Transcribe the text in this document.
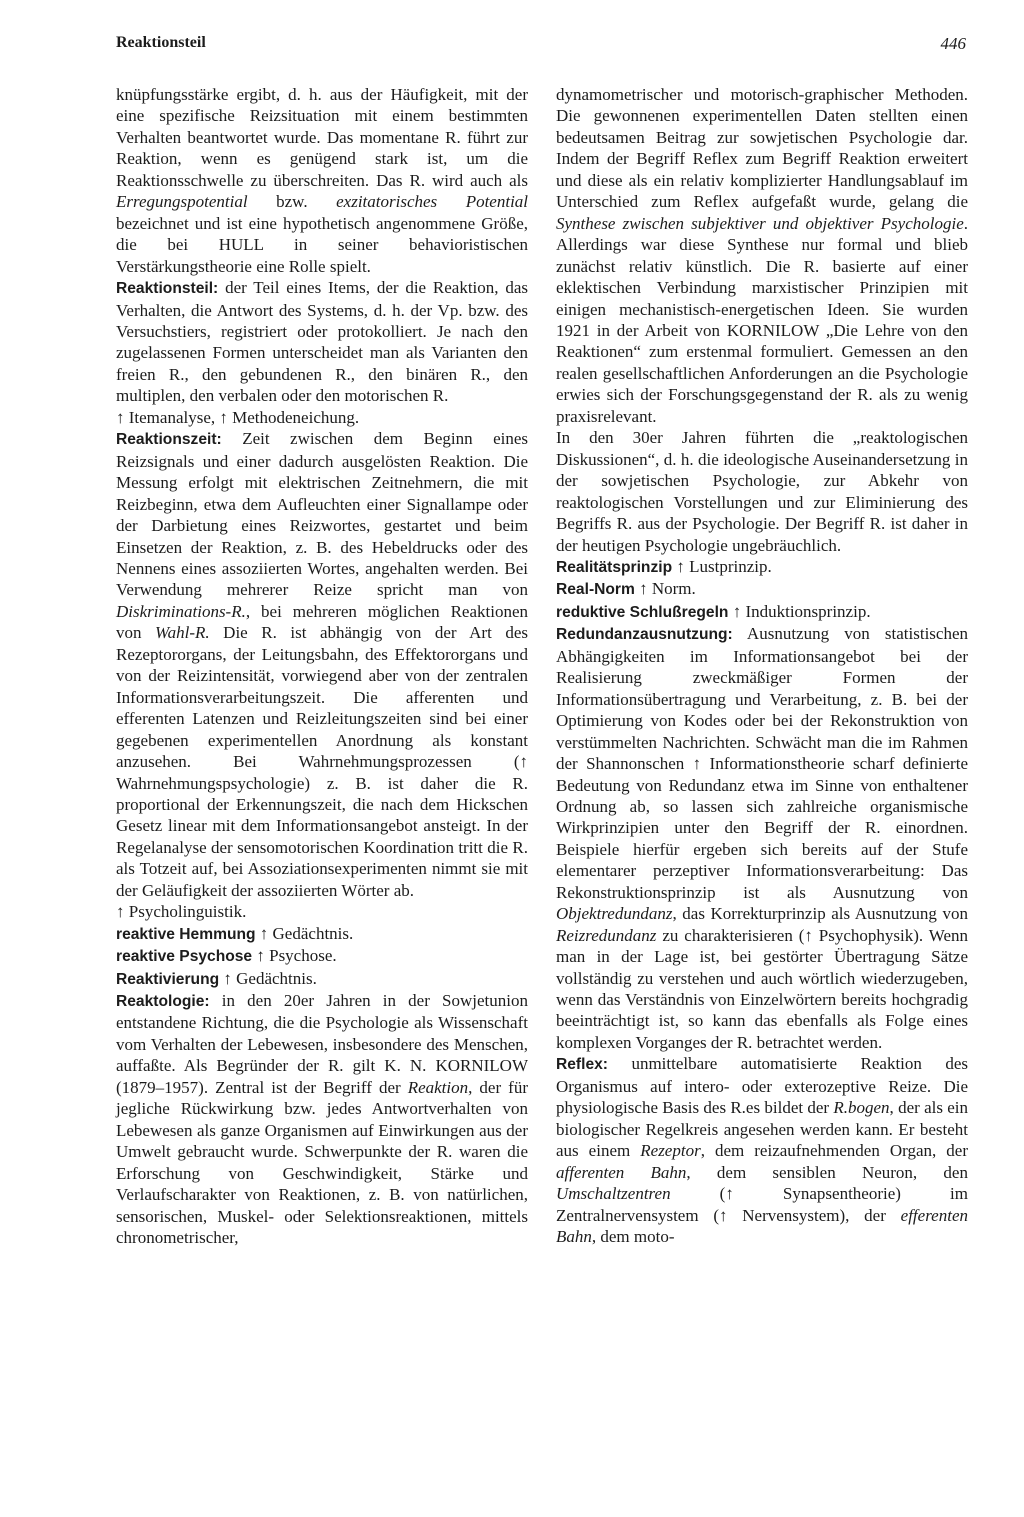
Reaktionsteil	446

knüpfungsstärke ergibt, d. h. aus der Häufigkeit, mit der eine spezifische Reizsituation mit einem bestimmten Verhalten beantwortet wurde. Das momentane R. führt zur Reaktion, wenn es genügend stark ist, um die Reaktionsschwelle zu überschreiten. Das R. wird auch als Erregungspotential bzw. exzitatorisches Potential bezeichnet und ist eine hypothetisch angenommene Größe, die bei HULL in seiner behavioristischen Verstärkungstheorie eine Rolle spielt.

Reaktionsteil: der Teil eines Items, der die Reaktion, das Verhalten, die Antwort des Systems, d. h. der Vp. bzw. des Versuchstiers, registriert oder protokolliert. Je nach den zugelassenen Formen unterscheidet man als Varianten den freien R., den gebundenen R., den binären R., den multiplen, den verbalen oder den motorischen R.

↑ Itemanalyse, ↑ Methodeneichung.

Reaktionszeit: Zeit zwischen dem Beginn eines Reizsignals und einer dadurch ausgelösten Reaktion. Die Messung erfolgt mit elektrischen Zeitnehmern, die mit Reizbeginn, etwa dem Aufleuchten einer Signallampe oder der Darbietung eines Reizwortes, gestartet und beim Einsetzen der Reaktion, z. B. des Hebeldrucks oder des Nennens eines assoziierten Wortes, angehalten werden. Bei Verwendung mehrerer Reize spricht man von Diskriminations-R., bei mehreren möglichen Reaktionen von Wahl-R. Die R. ist abhängig von der Art des Rezeptororgans, der Leitungsbahn, des Effektororgans und von der Reizintensität, vorwiegend aber von der zentralen Informationsverarbeitungszeit. Die afferenten und efferenten Latenzen und Reizleitungszeiten sind bei einer gegebenen experimentellen Anordnung als konstant anzusehen. Bei Wahrnehmungsprozessen (↑ Wahrnehmungspsychologie) z. B. ist daher die R. proportional der Erkennungszeit, die nach dem Hickschen Gesetz linear mit dem Informationsangebot ansteigt. In der Regelanalyse der sensomotorischen Koordination tritt die R. als Totzeit auf, bei Assoziationsexperimenten nimmt sie mit der Geläufigkeit der assoziierten Wörter ab.

↑ Psycholinguistik.

reaktive Hemmung ↑ Gedächtnis.

reaktive Psychose ↑ Psychose.

Reaktivierung ↑ Gedächtnis.

Reaktologie: in den 20er Jahren in der Sowjetunion entstandene Richtung, die die Psychologie als Wissenschaft vom Verhalten der Lebewesen, insbesondere des Menschen, auffaßte. Als Begründer der R. gilt K. N. KORNILOW (1879–1957). Zentral ist der Begriff der Reaktion, der für jegliche Rückwirkung bzw. jedes Antwortverhalten von Lebewesen als ganze Organismen auf Einwirkungen aus der Umwelt gebraucht wurde. Schwerpunkte der R. waren die Erforschung von Geschwindigkeit, Stärke und Verlaufscharakter von Reaktionen, z. B. von natürlichen, sensorischen, Muskel- oder Selektionsreaktionen, mittels chronometrischer,

dynamometrischer und motorisch-graphischer Methoden. Die gewonnenen experimentellen Daten stellten einen bedeutsamen Beitrag zur sowjetischen Psychologie dar. Indem der Begriff Reflex zum Begriff Reaktion erweitert und diese als ein relativ komplizierter Handlungsablauf im Unterschied zum Reflex aufgefaßt wurde, gelang die Synthese zwischen subjektiver und objektiver Psychologie. Allerdings war diese Synthese nur formal und blieb zunächst relativ künstlich. Die R. basierte auf einer eklektischen Verbindung marxistischer Prinzipien mit einigen mechanistisch-energetischen Ideen. Sie wurden 1921 in der Arbeit von KORNILOW „Die Lehre von den Reaktionen“ zum erstenmal formuliert. Gemessen an den realen gesellschaftlichen Anforderungen an die Psychologie erwies sich der Forschungsgegenstand der R. als zu wenig praxisrelevant.

In den 30er Jahren führten die „reaktologischen Diskussionen“, d. h. die ideologische Auseinandersetzung in der sowjetischen Psychologie, zur Abkehr von reaktologischen Vorstellungen und zur Eliminierung des Begriffs R. aus der Psychologie. Der Begriff R. ist daher in der heutigen Psychologie ungebräuchlich.

Realitätsprinzip ↑ Lustprinzip.

Real-Norm ↑ Norm.

reduktive Schlußregeln ↑ Induktionsprinzip.

Redundanzausnutzung: Ausnutzung von statistischen Abhängigkeiten im Informationsangebot bei der Realisierung zweckmäßiger Formen der Informationsübertragung und Verarbeitung, z. B. bei der Optimierung von Kodes oder bei der Rekonstruktion von verstümmelten Nachrichten. Schwächt man die im Rahmen der Shannonschen ↑ Informationstheorie scharf definierte Bedeutung von Redundanz etwa im Sinne von enthaltener Ordnung ab, so lassen sich zahlreiche organismische Wirkprinzipien unter den Begriff der R. einordnen. Beispiele hierfür ergeben sich bereits auf der Stufe elementarer perzeptiver Informationsverarbeitung: Das Rekonstruktionsprinzip ist als Ausnutzung von Objektredundanz, das Korrekturprinzip als Ausnutzung von Reizredundanz zu charakterisieren (↑ Psychophysik). Wenn man in der Lage ist, bei gestörter Übertragung Sätze vollständig zu verstehen und auch wörtlich wiederzugeben, wenn das Verständnis von Einzelwörtern bereits hochgradig beeinträchtigt ist, so kann das ebenfalls als Folge eines komplexen Vorganges der R. betrachtet werden.

Reflex: unmittelbare automatisierte Reaktion des Organismus auf intero- oder exterozeptive Reize. Die physiologische Basis des R.es bildet der R.bogen, der als ein biologischer Regelkreis angesehen werden kann. Er besteht aus einem Rezeptor, dem reizaufnehmenden Organ, der afferenten Bahn, dem sensiblen Neuron, den Umschaltzentren (↑ Synapsentheorie) im Zentralnervensystem (↑ Nervensystem), der efferenten Bahn, dem moto-
